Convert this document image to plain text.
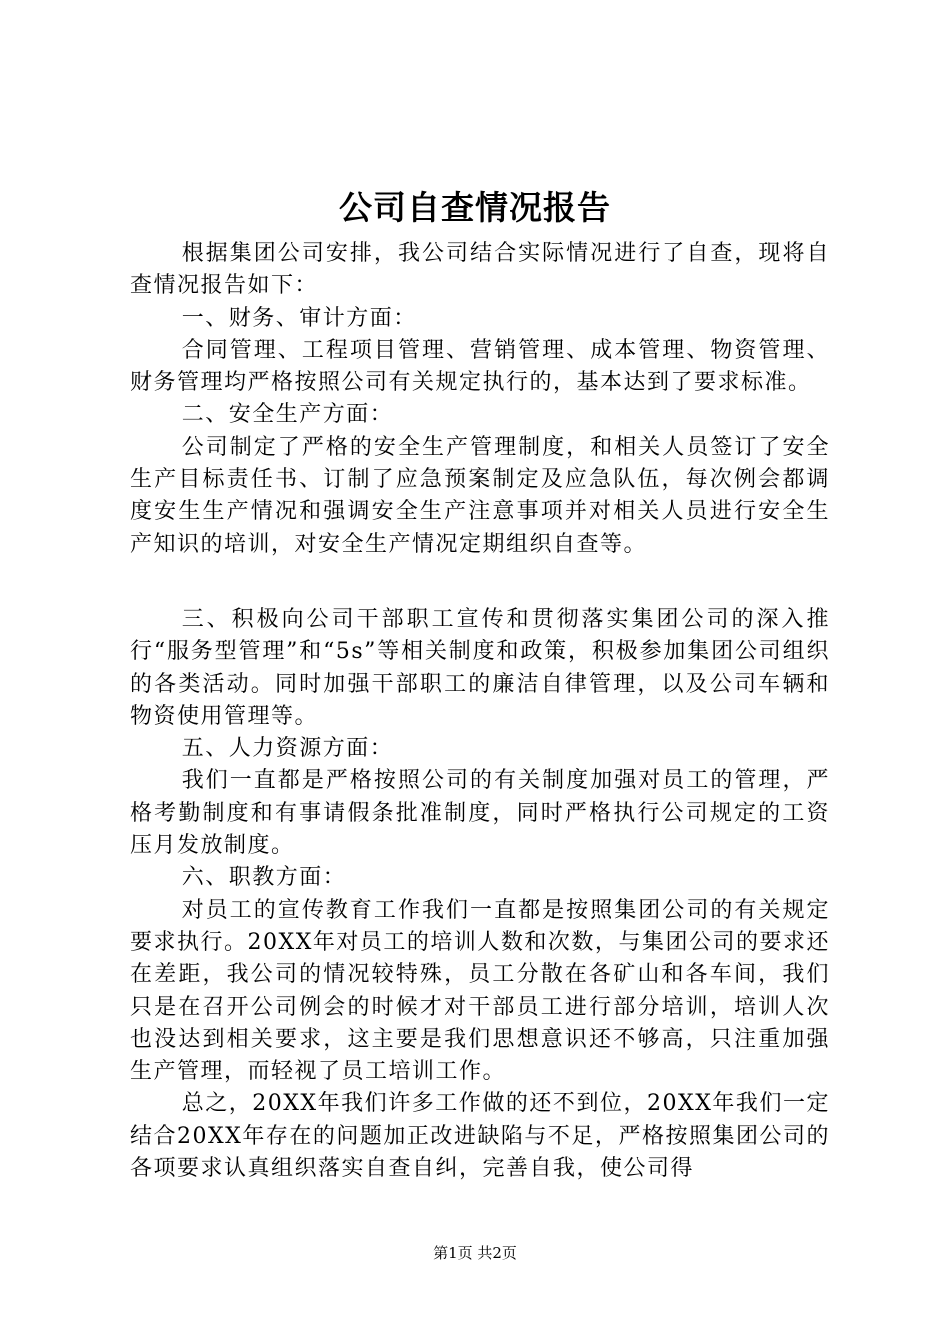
公司自查情况报告

根据集团公司安排，我公司结合实际情况进行了自查，现将自查情况报告如下：

一、财务、审计方面：

合同管理、工程项目管理、营销管理、成本管理、物资管理、财务管理均严格按照公司有关规定执行的，基本达到了要求标准。

二、安全生产方面：

公司制定了严格的安全生产管理制度，和相关人员签订了安全生产目标责任书、订制了应急预案制定及应急队伍，每次例会都调度安生生产情况和强调安全生产注意事项并对相关人员进行安全生产知识的培训，对安全生产情况定期组织自查等。

三、积极向公司干部职工宣传和贯彻落实集团公司的深入推行“服务型管理”和“5s”等相关制度和政策，积极参加集团公司组织的各类活动。同时加强干部职工的廉洁自律管理，以及公司车辆和物资使用管理等。

五、人力资源方面：

我们一直都是严格按照公司的有关制度加强对员工的管理，严格考勤制度和有事请假条批准制度，同时严格执行公司规定的工资压月发放制度。

六、职教方面：

对员工的宣传教育工作我们一直都是按照集团公司的有关规定要求执行。20XX年对员工的培训人数和次数，与集团公司的要求还在差距，我公司的情况较特殊，员工分散在各矿山和各车间，我们只是在召开公司例会的时候才对干部员工进行部分培训，培训人次也没达到相关要求，这主要是我们思想意识还不够高，只注重加强生产管理，而轻视了员工培训工作。

总之，20XX年我们许多工作做的还不到位，20XX年我们一定结合20XX年存在的问题加正改进缺陷与不足，严格按照集团公司的各项要求认真组织落实自查自纠，完善自我，使公司得

第1页 共2页
